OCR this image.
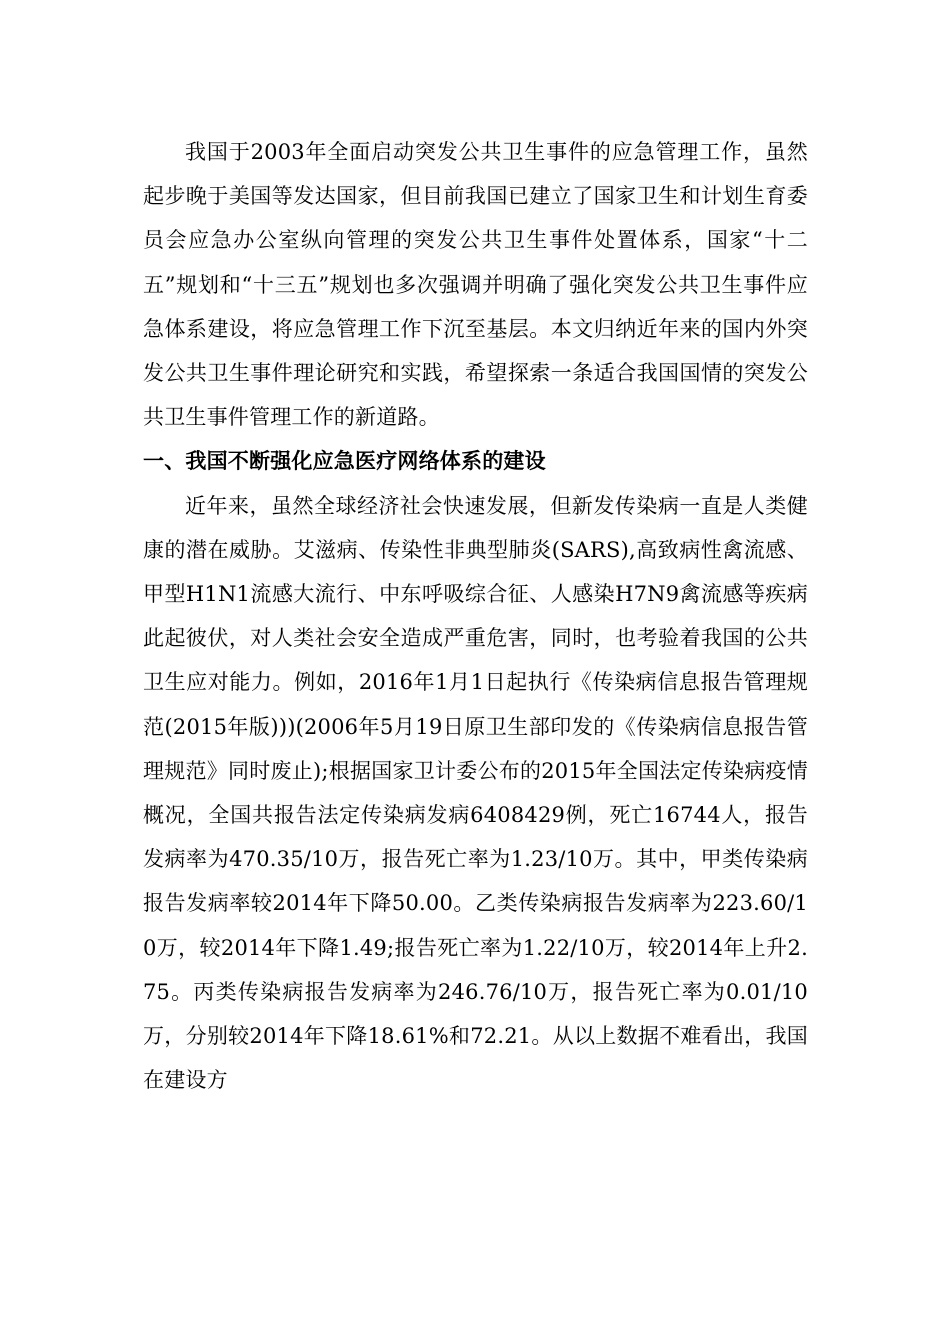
我国于2003年全面启动突发公共卫生事件的应急管理工作，虽然起步晚于美国等发达国家，但目前我国已建立了国家卫生和计划生育委员会应急办公室纵向管理的突发公共卫生事件处置体系，国家“十二五”规划和“十三五”规划也多次强调并明确了强化突发公共卫生事件应急体系建设，将应急管理工作下沉至基层。本文归纳近年来的国内外突发公共卫生事件理论研究和实践，希望探索一条适合我国国情的突发公共卫生事件管理工作的新道路。

一、我国不断强化应急医疗网络体系的建设

近年来，虽然全球经济社会快速发展，但新发传染病一直是人类健康的潜在威胁。艾滋病、传染性非典型肺炎(SARS),高致病性禽流感、甲型H1N1流感大流行、中东呼吸综合征、人感染H7N9禽流感等疾病此起彼伏，对人类社会安全造成严重危害，同时，也考验着我国的公共卫生应对能力。例如，2016年1月1日起执行《传染病信息报告管理规范(2015年版)))(2006年5月19日原卫生部印发的《传染病信息报告管理规范》同时废止);根据国家卫计委公布的2015年全国法定传染病疫情概况，全国共报告法定传染病发病6408429例，死亡16744人，报告发病率为470.35/10万，报告死亡率为1.23/10万。其中，甲类传染病报告发病率较2014年下降50.00。乙类传染病报告发病率为223.60/10万，较2014年下降1.49;报告死亡率为1.22/10万，较2014年上升2.75。丙类传染病报告发病率为246.76/10万，报告死亡率为0.01/10万，分别较2014年下降18.61%和72.21。从以上数据不难看出，我国在建设方
